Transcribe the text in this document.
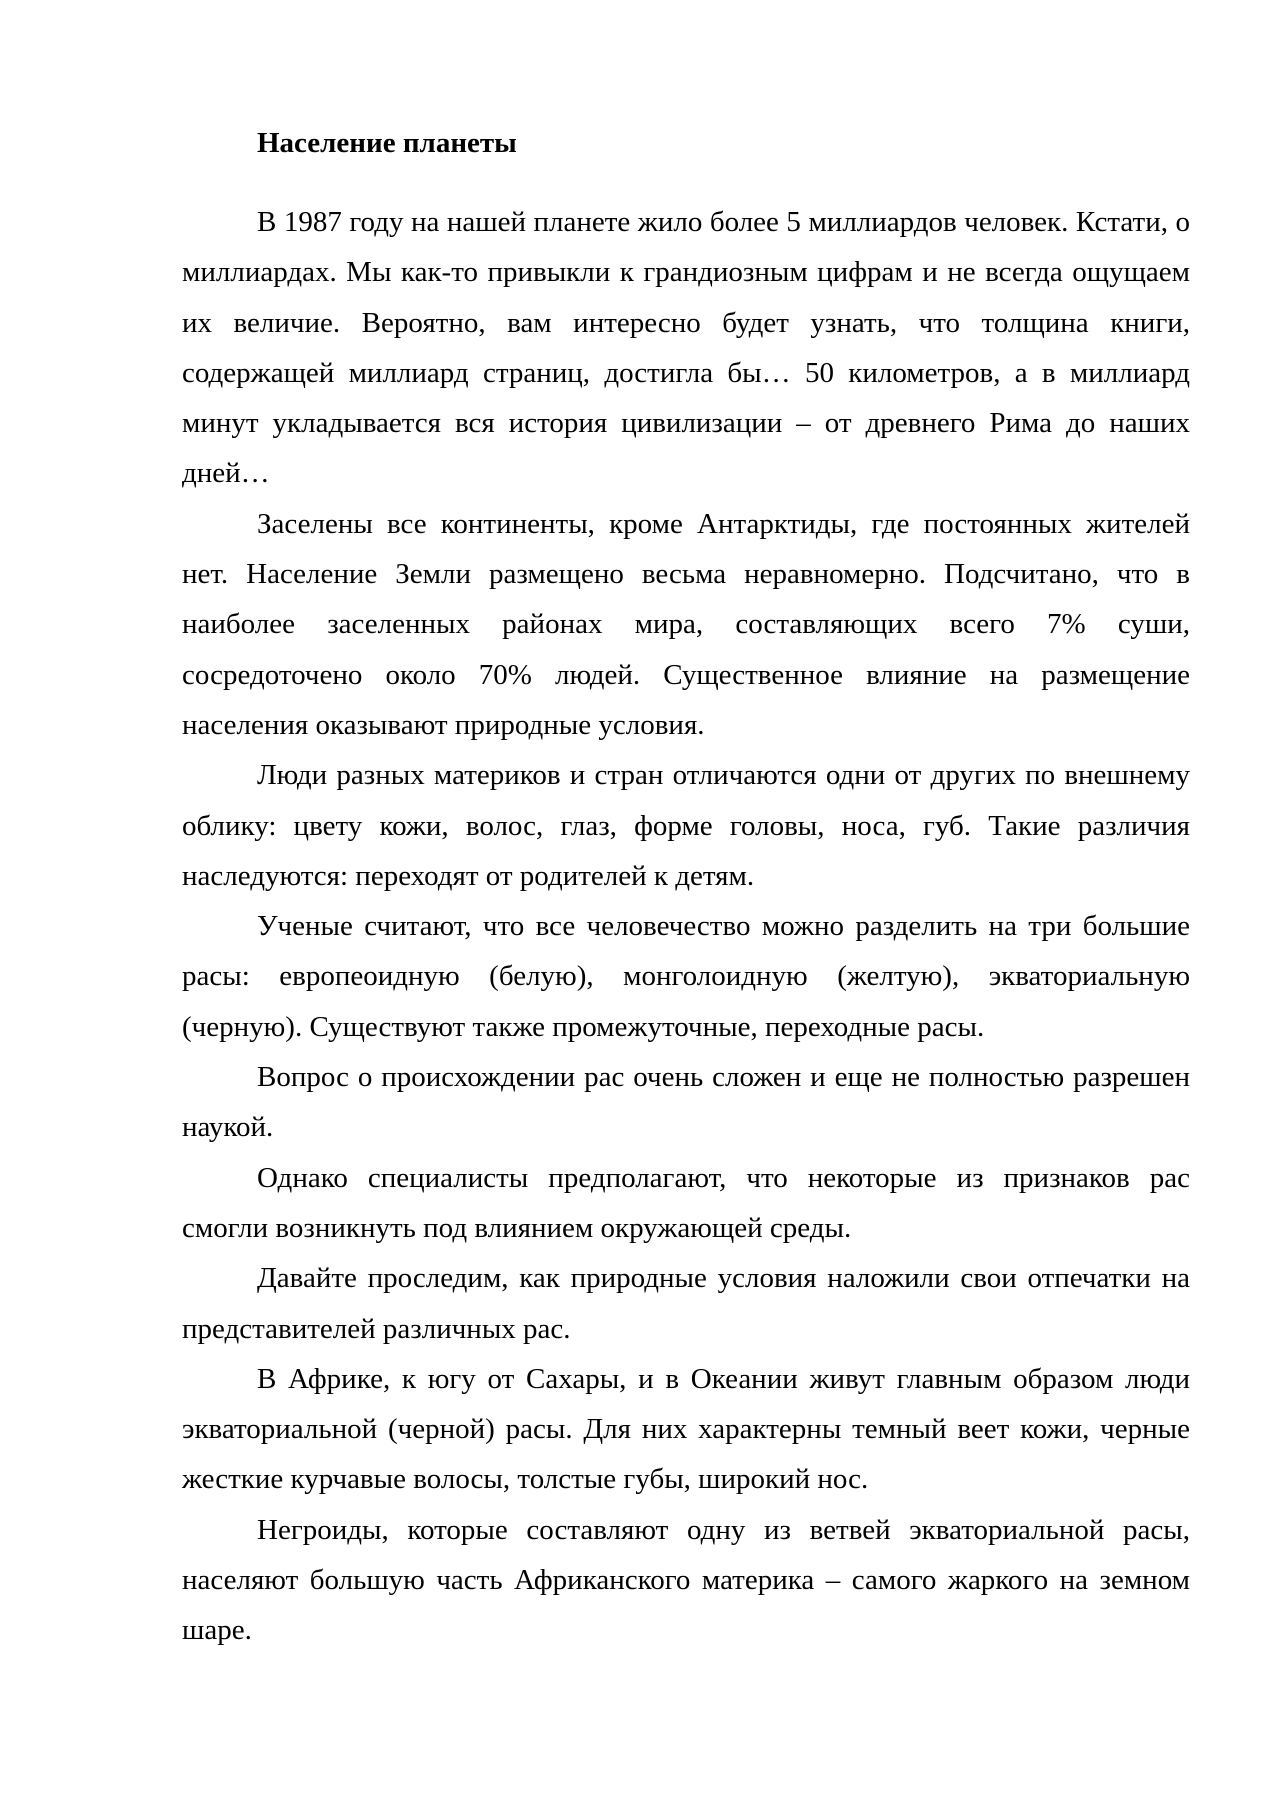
Население планеты

В 1987 году на нашей планете жило более 5 миллиардов человек. Кстати, о миллиардах. Мы как-то привыкли к грандиозным цифрам и не всегда ощущаем их величие. Вероятно, вам интересно будет узнать, что толщина книги, содержащей миллиард страниц, достигла бы… 50 километров, а в миллиард минут укладывается вся история цивилизации – от древнего Рима до наших дней…

Заселены все континенты, кроме Антарктиды, где постоянных жителей нет. Население Земли размещено весьма неравномерно. Подсчитано, что в наиболее заселенных районах мира, составляющих всего 7% суши, сосредоточено около 70% людей. Существенное влияние на размещение населения оказывают природные условия.

Люди разных материков и стран отличаются одни от других по внешнему облику: цвету кожи, волос, глаз, форме головы, носа, губ. Такие различия наследуются: переходят от родителей к детям.

Ученые считают, что все человечество можно разделить на три большие расы: европеоидную (белую), монголоидную (желтую), экваториальную (черную). Существуют также промежуточные, переходные расы.

Вопрос о происхождении рас очень сложен и еще не полностью разрешен наукой.

Однако специалисты предполагают, что некоторые из признаков рас смогли возникнуть под влиянием окружающей среды.

Давайте проследим, как природные условия наложили свои отпечатки на представителей различных рас.

В Африке, к югу от Сахары, и в Океании живут главным образом люди экваториальной (черной) расы. Для них характерны темный веет кожи, черные жесткие курчавые волосы, толстые губы, широкий нос.

Негроиды, которые составляют одну из ветвей экваториальной расы, населяют большую часть Африканского материка – самого жаркого на земном шаре.
